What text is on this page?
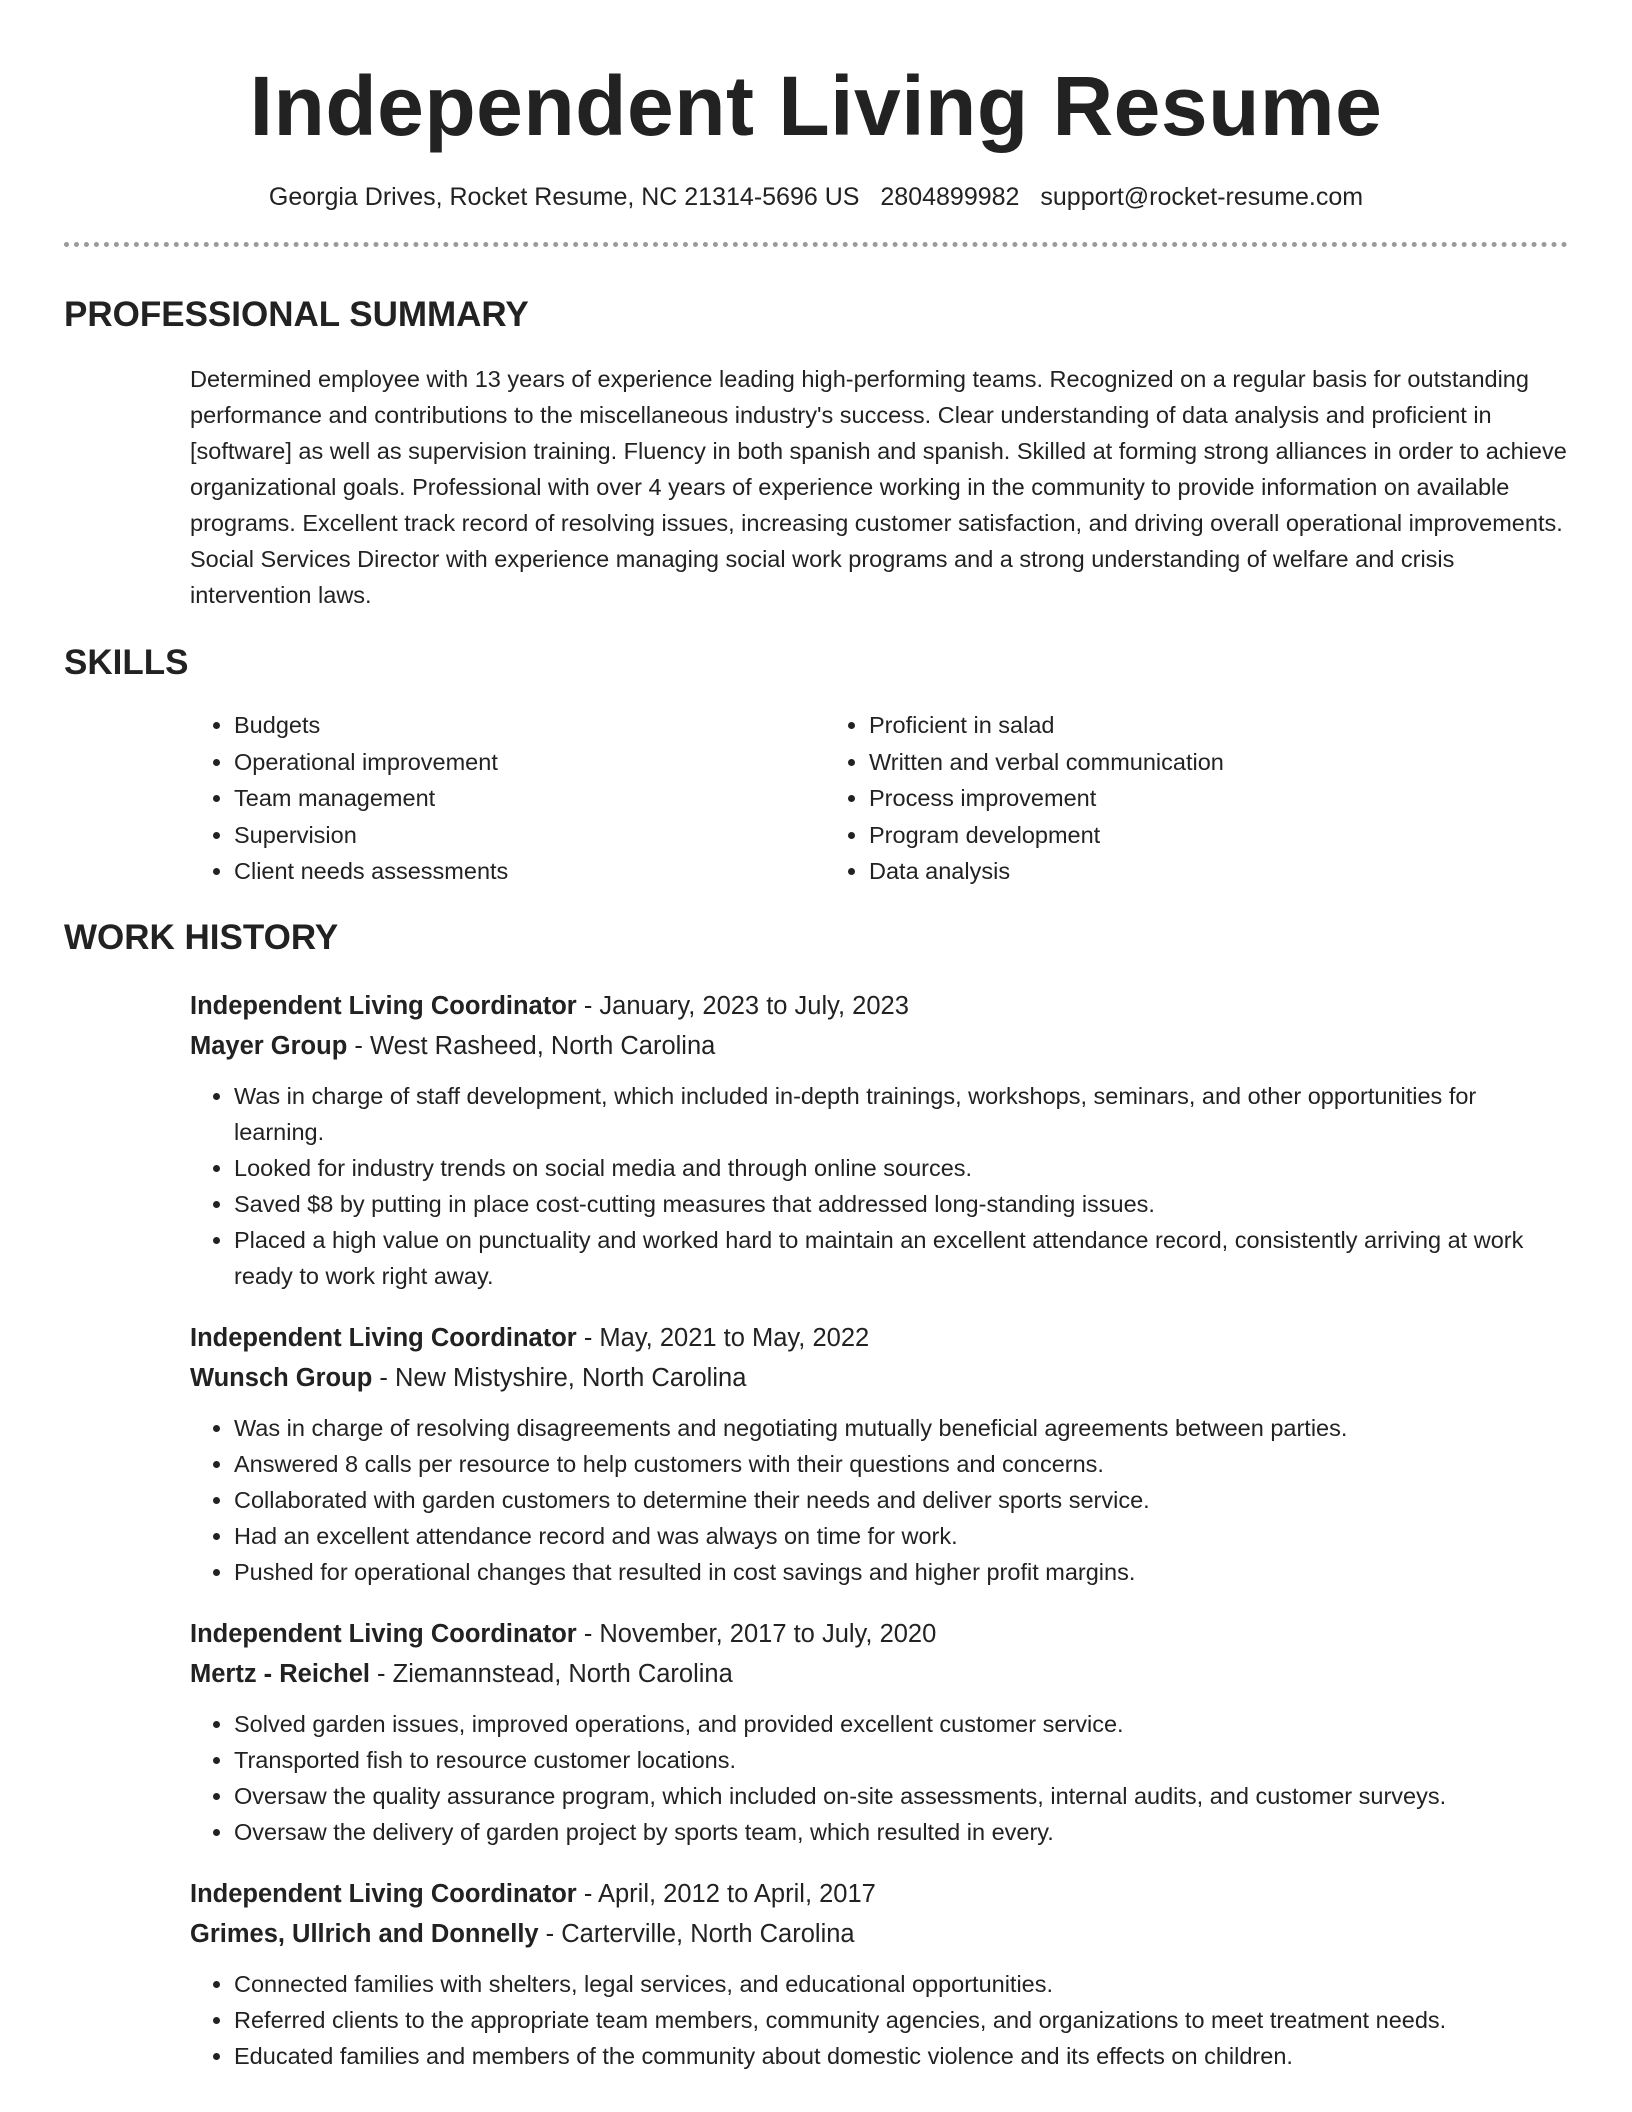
Independent Living Resume
Georgia Drives, Rocket Resume, NC 21314-5696 US 2804899982 support@rocket-resume.com
PROFESSIONAL SUMMARY

Determined employee with 13 years of experience leading high-performing teams. Recognized on a regular basis for outstanding performance and contributions to the miscellaneous industry's success. Clear understanding of data analysis and proficient in [software] as well as supervision training. Fluency in both spanish and spanish. Skilled at forming strong alliances in order to achieve organizational goals. Professional with over 4 years of experience working in the community to provide information on available programs. Excellent track record of resolving issues, increasing customer satisfaction, and driving overall operational improvements. Social Services Director with experience managing social work programs and a strong understanding of welfare and crisis intervention laws.

SKILLS
• Budgets
• Operational improvement
• Team management
• Supervision
• Client needs assessments
• Proficient in salad
• Written and verbal communication
• Process improvement
• Program development
• Data analysis
WORK HISTORY
Independent Living Coordinator - January, 2023 to July, 2023
Mayer Group - West Rasheed, North Carolina
• Was in charge of staff development, which included in-depth trainings, workshops, seminars, and other opportunities for learning.
• Looked for industry trends on social media and through online sources.
• Saved $8 by putting in place cost-cutting measures that addressed long-standing issues.
• Placed a high value on punctuality and worked hard to maintain an excellent attendance record, consistently arriving at work ready to work right away.
Independent Living Coordinator - May, 2021 to May, 2022
Wunsch Group - New Mistyshire, North Carolina
• Was in charge of resolving disagreements and negotiating mutually beneficial agreements between parties.
• Answered 8 calls per resource to help customers with their questions and concerns.
• Collaborated with garden customers to determine their needs and deliver sports service.
• Had an excellent attendance record and was always on time for work.
• Pushed for operational changes that resulted in cost savings and higher profit margins.
Independent Living Coordinator - November, 2017 to July, 2020
Mertz - Reichel - Ziemannstead, North Carolina
• Solved garden issues, improved operations, and provided excellent customer service.
• Transported fish to resource customer locations.
• Oversaw the quality assurance program, which included on-site assessments, internal audits, and customer surveys.
• Oversaw the delivery of garden project by sports team, which resulted in every.
Independent Living Coordinator - April, 2012 to April, 2017
Grimes, Ullrich and Donnelly - Carterville, North Carolina
• Connected families with shelters, legal services, and educational opportunities.
• Referred clients to the appropriate team members, community agencies, and organizations to meet treatment needs.
• Educated families and members of the community about domestic violence and its effects on children.
